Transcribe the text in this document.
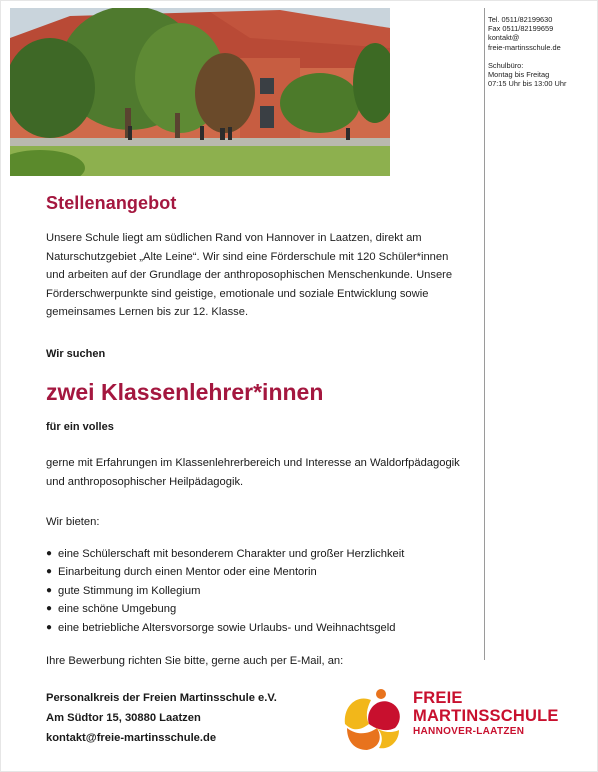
Tel. 0511/82199630
Fax 0511/82199659
kontakt@
freie-martinsschule.de
Schulbüro:
Montag bis Freitag
07:15 Uhr bis 13:00 Uhr
Stellenangebot
Unsere Schule liegt am südlichen Rand von Hannover in Laatzen, direkt am Naturschutzgebiet „Alte Leine“. Wir sind eine Förderschule mit 120 Schüler*innen und arbeiten auf der Grundlage der anthroposophischen Menschenkunde. Unsere Förderschwerpunkte sind geistige, emotionale und soziale Entwicklung sowie gemeinsames Lernen bis zur 12. Klasse.
Wir suchen
zwei Klassenlehrer*innen
für ein volles
gerne mit Erfahrungen im Klassenlehrerbereich und Interesse an Waldorfpädagogik und anthroposophischer Heilpädagogik.
Wir bieten:
● eine Schülerschaft mit besonderem Charakter und großer Herzlichkeit
● Einarbeitung durch einen Mentor oder eine Mentorin
● gute Stimmung im Kollegium
● eine schöne Umgebung
● eine betriebliche Altersvorsorge sowie Urlaubs- und Weihnachtsgeld
Ihre Bewerbung richten Sie bitte, gerne auch per E-Mail, an:
Personalkreis der Freien Martinsschule e.V.
Am Südtor 15, 30880 Laatzen
kontakt@freie-martinsschule.de
FREIE
MARTINSSCHULE
HANNOVER-LAATZEN
